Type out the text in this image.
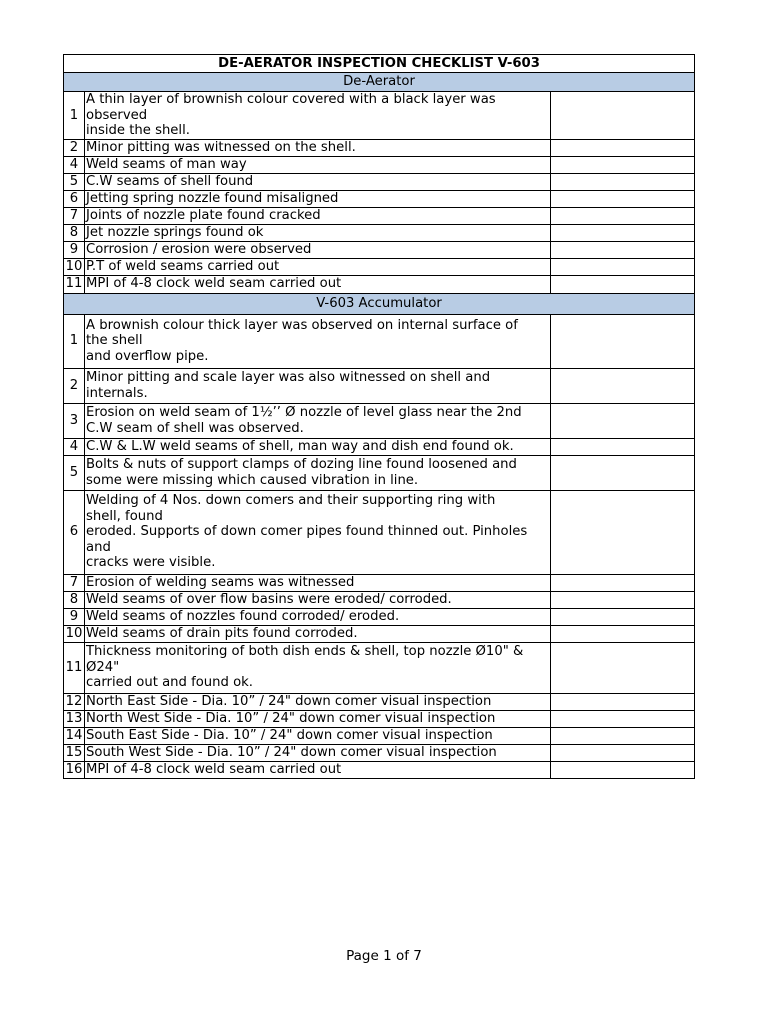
DE-AERATOR INSPECTION CHECKLIST V-603		
De-Aerator		
1	A thin layer of brownish colour covered with a black layer was
observed
inside the shell.	
2	Minor pitting was witnessed on the shell.	
4	Weld seams of man way	
5	C.W seams of shell found	
6	Jetting spring nozzle found misaligned	
7	Joints of nozzle plate found cracked	
8	Jet nozzle springs found ok	
9	Corrosion / erosion were observed	
10	P.T of weld seams carried out	
11	MPI of 4-8 clock weld seam carried out	
V-603 Accumulator		
1	A brownish colour thick layer was observed on internal surface of
the shell
and overflow pipe.	
2	Minor pitting and scale layer was also witnessed on shell and
internals.	
3	Erosion on weld seam of 1½’’ Ø nozzle of level glass near the 2nd
C.W seam of shell was observed.	
4	C.W & L.W weld seams of shell, man way and dish end found ok.	
5	Bolts & nuts of support clamps of dozing line found loosened and
some were missing which caused vibration in line.	
6	Welding of 4 Nos. down comers and their supporting ring with
shell, found
eroded. Supports of down comer pipes found thinned out. Pinholes
and
cracks were visible.	
7	Erosion of welding seams was witnessed	
8	Weld seams of over flow basins were eroded/ corroded.	
9	Weld seams of nozzles found corroded/ eroded.	
10	Weld seams of drain pits found corroded.	
11	Thickness monitoring of both dish ends & shell, top nozzle Ø10" &
Ø24"
carried out and found ok.	
12	North East Side - Dia. 10” / 24" down comer visual inspection	
13	North West Side - Dia. 10” / 24" down comer visual inspection	
14	South East Side - Dia. 10” / 24" down comer visual inspection	
15	South West Side - Dia. 10” / 24" down comer visual inspection	
16	MPI of 4-8 clock weld seam carried out	
Page 1 of 7
